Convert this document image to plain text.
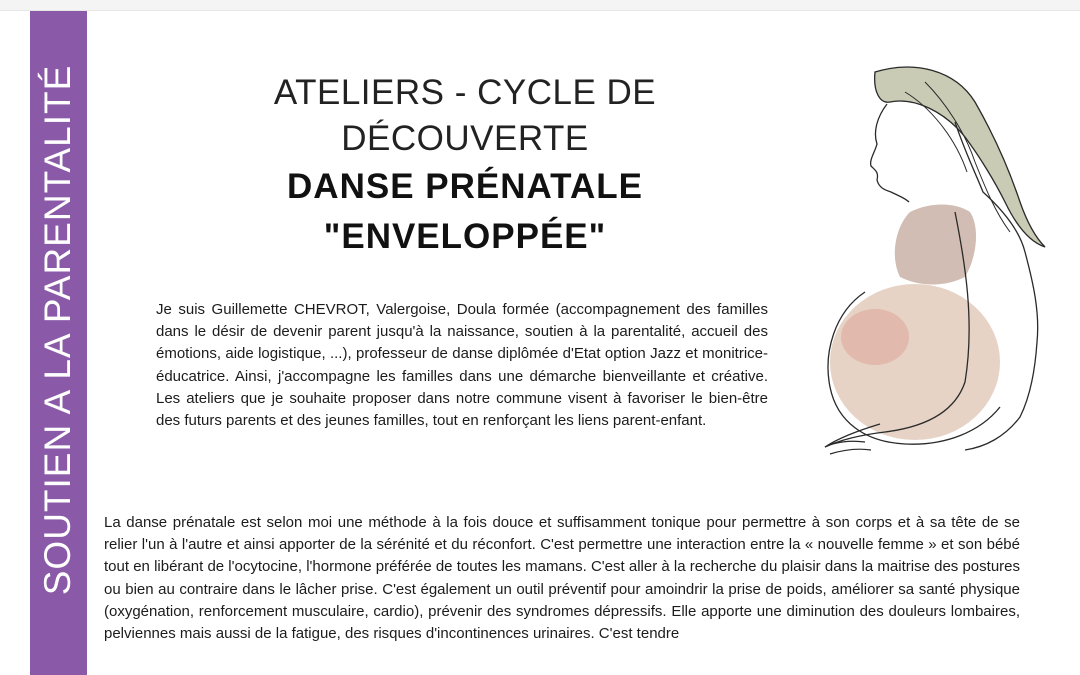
SOUTIEN A LA PARENTALITÉ	ATELIERS - CYCLE DE
DÉCOUVERTE
DANSE PRÉNATALE
"ENVELOPPÉE"
Je suis Guillemette CHEVROT, Valergoise, Doula formée (accompagnement des familles dans le désir de devenir parent jusqu'à la naissance, soutien à la parentalité, accueil des émotions, aide logistique, ...), professeur de danse diplômée d'Etat option Jazz et monitrice-éducatrice. Ainsi, j'accompagne les familles dans une démarche bienveillante et créative. Les ateliers que je souhaite proposer dans notre commune visent à favoriser le bien-être des futurs parents et des jeunes familles, tout en renforçant les liens parent-enfant.
La danse prénatale est selon moi une méthode à la fois douce et suffisamment tonique pour permettre à son corps et à sa tête de se relier l'un à l'autre et ainsi apporter de la sérénité et du réconfort. C'est permettre une interaction entre la « nouvelle femme » et son bébé tout en libérant de l'ocytocine, l'hormone préférée de toutes les mamans. C'est aller à la recherche du plaisir dans la maitrise des postures ou bien au contraire dans le lâcher prise. C'est également un outil préventif pour amoindrir la prise de poids, améliorer sa santé physique (oxygénation, renforcement musculaire, cardio), prévenir des syndromes dépressifs. Elle apporte une diminution des douleurs lombaires, pelviennes mais aussi de la fatigue, des risques d'incontinences urinaires. C'est tendre
